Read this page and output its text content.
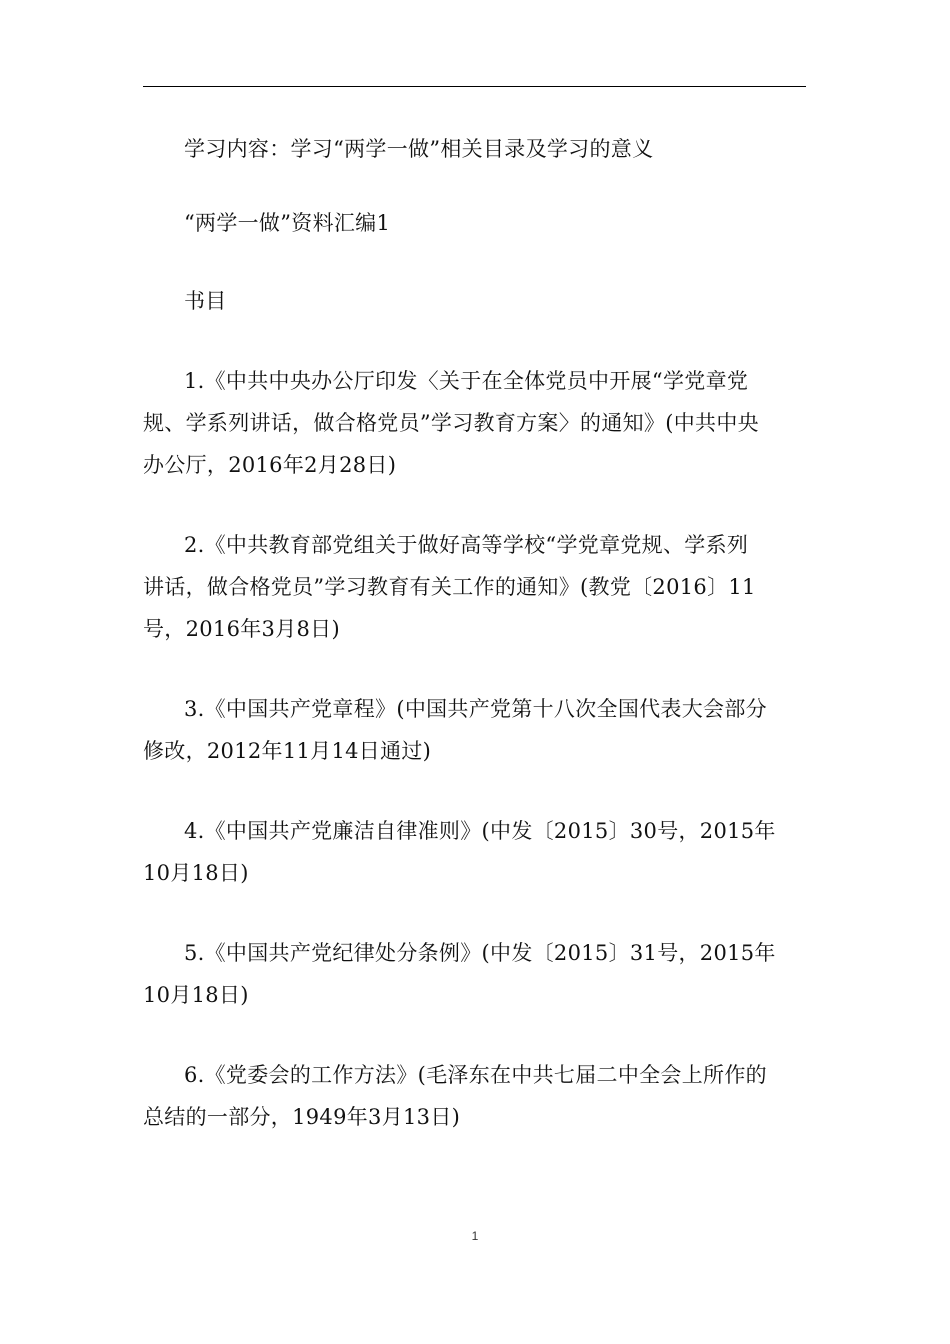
学习内容：学习“两学一做”相关目录及学习的意义

“两学一做”资料汇编1

书目

1.《中共中央办公厅印发〈关于在全体党员中开展“学党章党
规、学系列讲话，做合格党员”学习教育方案〉的通知》(中共中央
办公厅，2016年2月28日)
2.《中共教育部党组关于做好高等学校“学党章党规、学系列
讲话，做合格党员”学习教育有关工作的通知》(教党〔2016〕11
号，2016年3月8日)
3.《中国共产党章程》(中国共产党第十八次全国代表大会部分
修改，2012年11月14日通过)
4.《中国共产党廉洁自律准则》(中发〔2015〕30号，2015年
10月18日)
5.《中国共产党纪律处分条例》(中发〔2015〕31号，2015年
10月18日)
6.《党委会的工作方法》(毛泽东在中共七届二中全会上所作的
总结的一部分，1949年3月13日)
1
